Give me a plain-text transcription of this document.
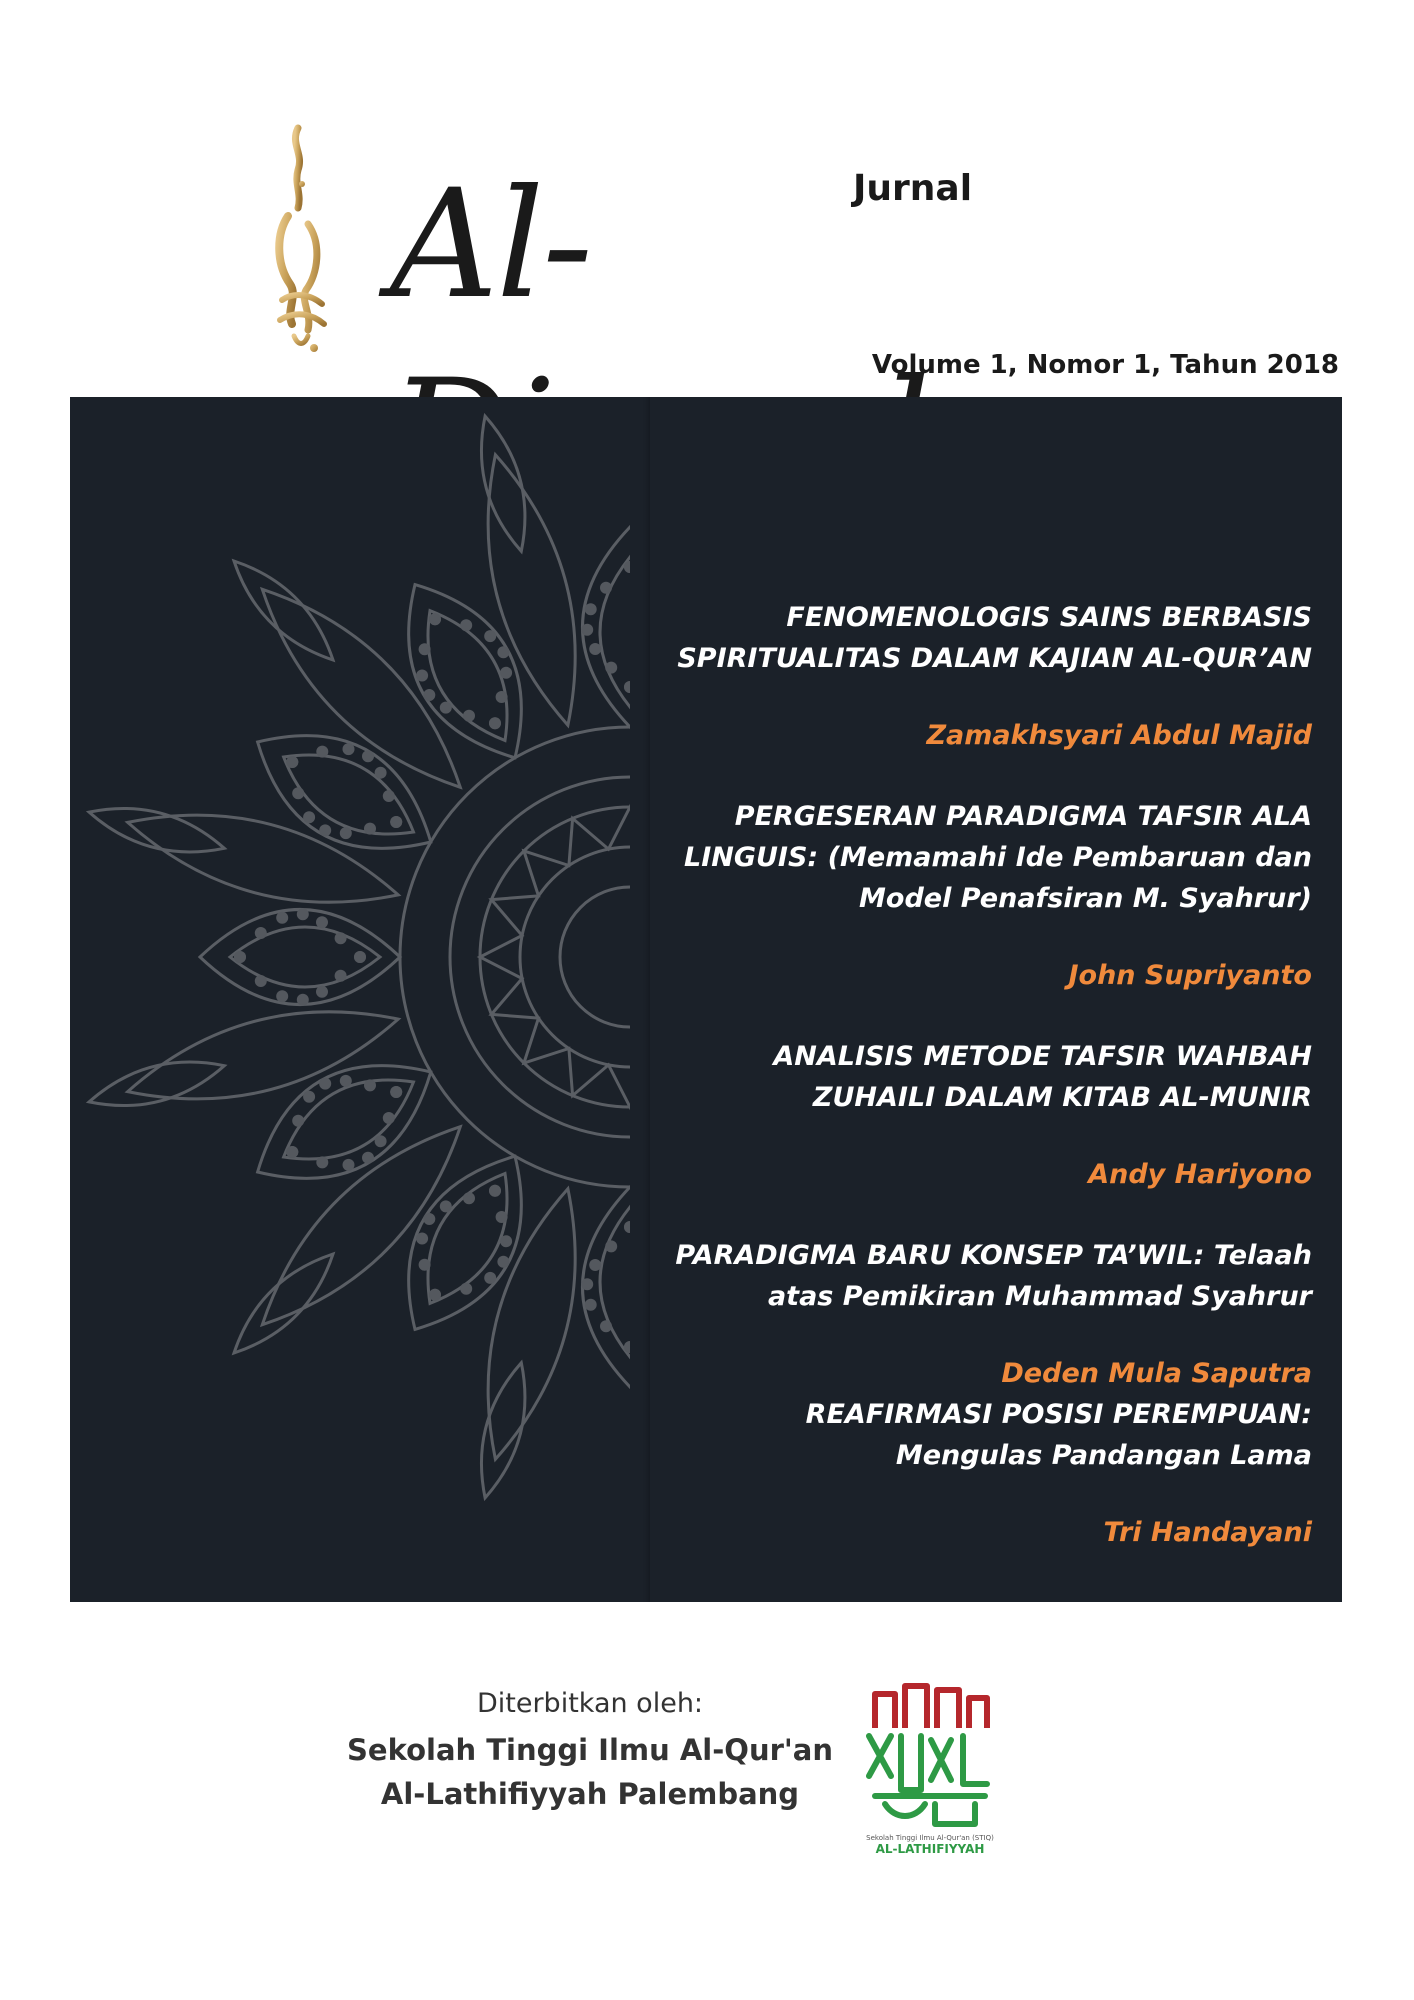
Jurnal
Al-
Volume 1, Nomor 1, Tahun 2018

FENOMENOLOGIS SAINS BERBASIS

SPIRITUALITAS DALAM KAJIAN AL-QUR’AN

Zamakhsyari Abdul Majid

PERGESERAN PARADIGMA TAFSIR ALA

LINGUIS: (Memamahi Ide Pembaruan dan

Model Penafsiran M. Syahrur)

John Supriyanto

ANALISIS METODE TAFSIR WAHBAH

ZUHAILI DALAM KITAB AL-MUNIR

Andy Hariyono

PARADIGMA BARU KONSEP TA’WIL: Telaah

atas Pemikiran Muhammad Syahrur

Deden Mula Saputra

REAFIRMASI POSISI PEREMPUAN:

Mengulas Pandangan Lama

Tri Handayani

Diterbitkan oleh:
Sekolah Tinggi Ilmu Al-Qur'an
Al-Lathifiyyah Palembang
Sekolah Tinggi Ilmu Al-Qur'an (STIQ)
AL-LATHIFIYYAH
